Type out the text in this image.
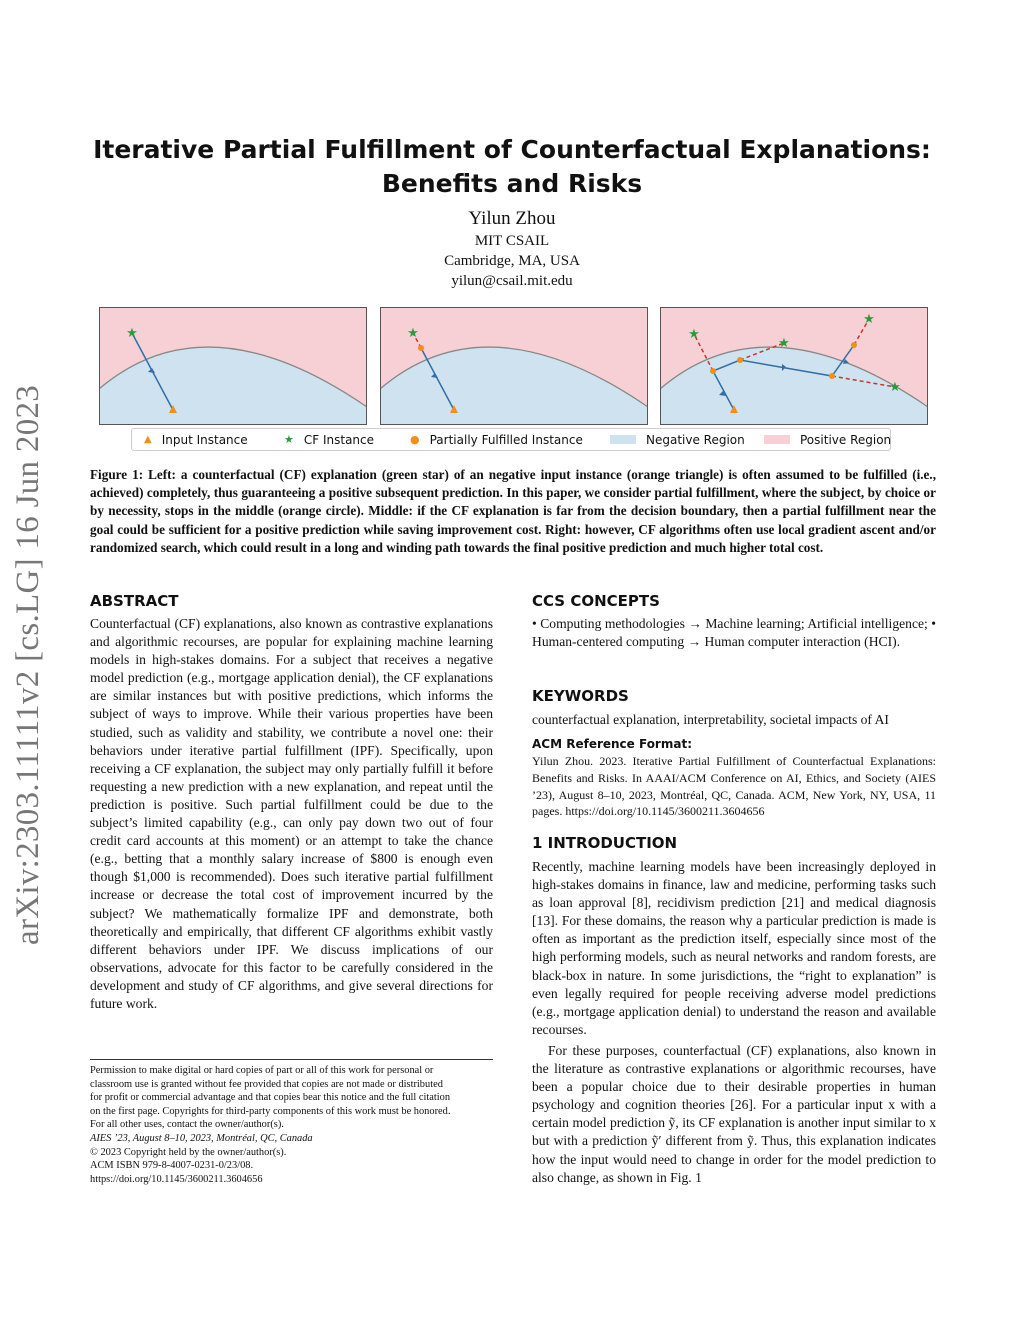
arXiv:2303.11111v2 [cs.LG] 16 Jun 2023
Iterative Partial Fulfillment of Counterfactual Explanations:
Benefits and Risks
Yilun Zhou
MIT CSAIL
Cambridge, MA, USA
yilun@csail.mit.edu
★	★	★
★
★
★
▲ Input Instance	★ CF Instance	● Partially Fulfilled Instance	Negative Region	Positive Region
Figure 1: Left: a counterfactual (CF) explanation (green star) of an negative input instance (orange triangle) is often assumed to be fulfilled (i.e., achieved) completely, thus guaranteeing a positive subsequent prediction. In this paper, we consider partial fulfillment, where the subject, by choice or by necessity, stops in the middle (orange circle). Middle: if the CF explanation is far from the decision boundary, then a partial fulfillment near the goal could be sufficient for a positive prediction while saving improvement cost. Right: however, CF algorithms often use local gradient ascent and/or randomized search, which could result in a long and winding path towards the final positive prediction and much higher total cost.
ABSTRACT
Counterfactual (CF) explanations, also known as contrastive explanations and algorithmic recourses, are popular for explaining machine learning models in high-stakes domains. For a subject that receives a negative model prediction (e.g., mortgage application denial), the CF explanations are similar instances but with positive predictions, which informs the subject of ways to improve. While their various properties have been studied, such as validity and stability, we contribute a novel one: their behaviors under iterative partial fulfillment (IPF). Specifically, upon receiving a CF explanation, the subject may only partially fulfill it before requesting a new prediction with a new explanation, and repeat until the prediction is positive. Such partial fulfillment could be due to the subject’s limited capability (e.g., can only pay down two out of four credit card accounts at this moment) or an attempt to take the chance (e.g., betting that a monthly salary increase of $800 is enough even though $1,000 is recommended). Does such iterative partial fulfillment increase or decrease the total cost of improvement incurred by the subject? We mathematically formalize IPF and demonstrate, both theoretically and empirically, that different CF algorithms exhibit vastly different behaviors under IPF. We discuss implications of our observations, advocate for this factor to be carefully considered in the development and study of CF algorithms, and give several directions for future work.
CCS CONCEPTS
• Computing methodologies → Machine learning; Artificial intelligence; • Human-centered computing → Human computer interaction (HCI).
KEYWORDS
counterfactual explanation, interpretability, societal impacts of AI
ACM Reference Format:
Yilun Zhou. 2023. Iterative Partial Fulfillment of Counterfactual Explanations: Benefits and Risks. In AAAI/ACM Conference on AI, Ethics, and Society (AIES ’23), August 8–10, 2023, Montréal, QC, Canada. ACM, New York, NY, USA, 11 pages. https://doi.org/10.1145/3600211.3604656
1 INTRODUCTION
Recently, machine learning models have been increasingly deployed in high-stakes domains in finance, law and medicine, performing tasks such as loan approval [8], recidivism prediction [21] and medical diagnosis [13]. For these domains, the reason why a particular prediction is made is often as important as the prediction itself, especially since most of the high performing models, such as neural networks and random forests, are black-box in nature. In some jurisdictions, the “right to explanation” is even legally required for people receiving adverse model predictions (e.g., mortgage application denial) to understand the reason and available recourses.
For these purposes, counterfactual (CF) explanations, also known in the literature as contrastive explanations or algorithmic recourses, have been a popular choice due to their desirable properties in human psychology and cognition theories [26]. For a particular input x with a certain model prediction ỹ, its CF explanation is another input similar to x but with a prediction ỹ′ different from ỹ. Thus, this explanation indicates how the input would need to change in order for the model prediction to also change, as shown in Fig. 1
Permission to make digital or hard copies of part or all of this work for personal or
classroom use is granted without fee provided that copies are not made or distributed
for profit or commercial advantage and that copies bear this notice and the full citation
on the first page. Copyrights for third-party components of this work must be honored.
For all other uses, contact the owner/author(s).
AIES ’23, August 8–10, 2023, Montréal, QC, Canada
© 2023 Copyright held by the owner/author(s).
ACM ISBN 979-8-4007-0231-0/23/08.
https://doi.org/10.1145/3600211.3604656
